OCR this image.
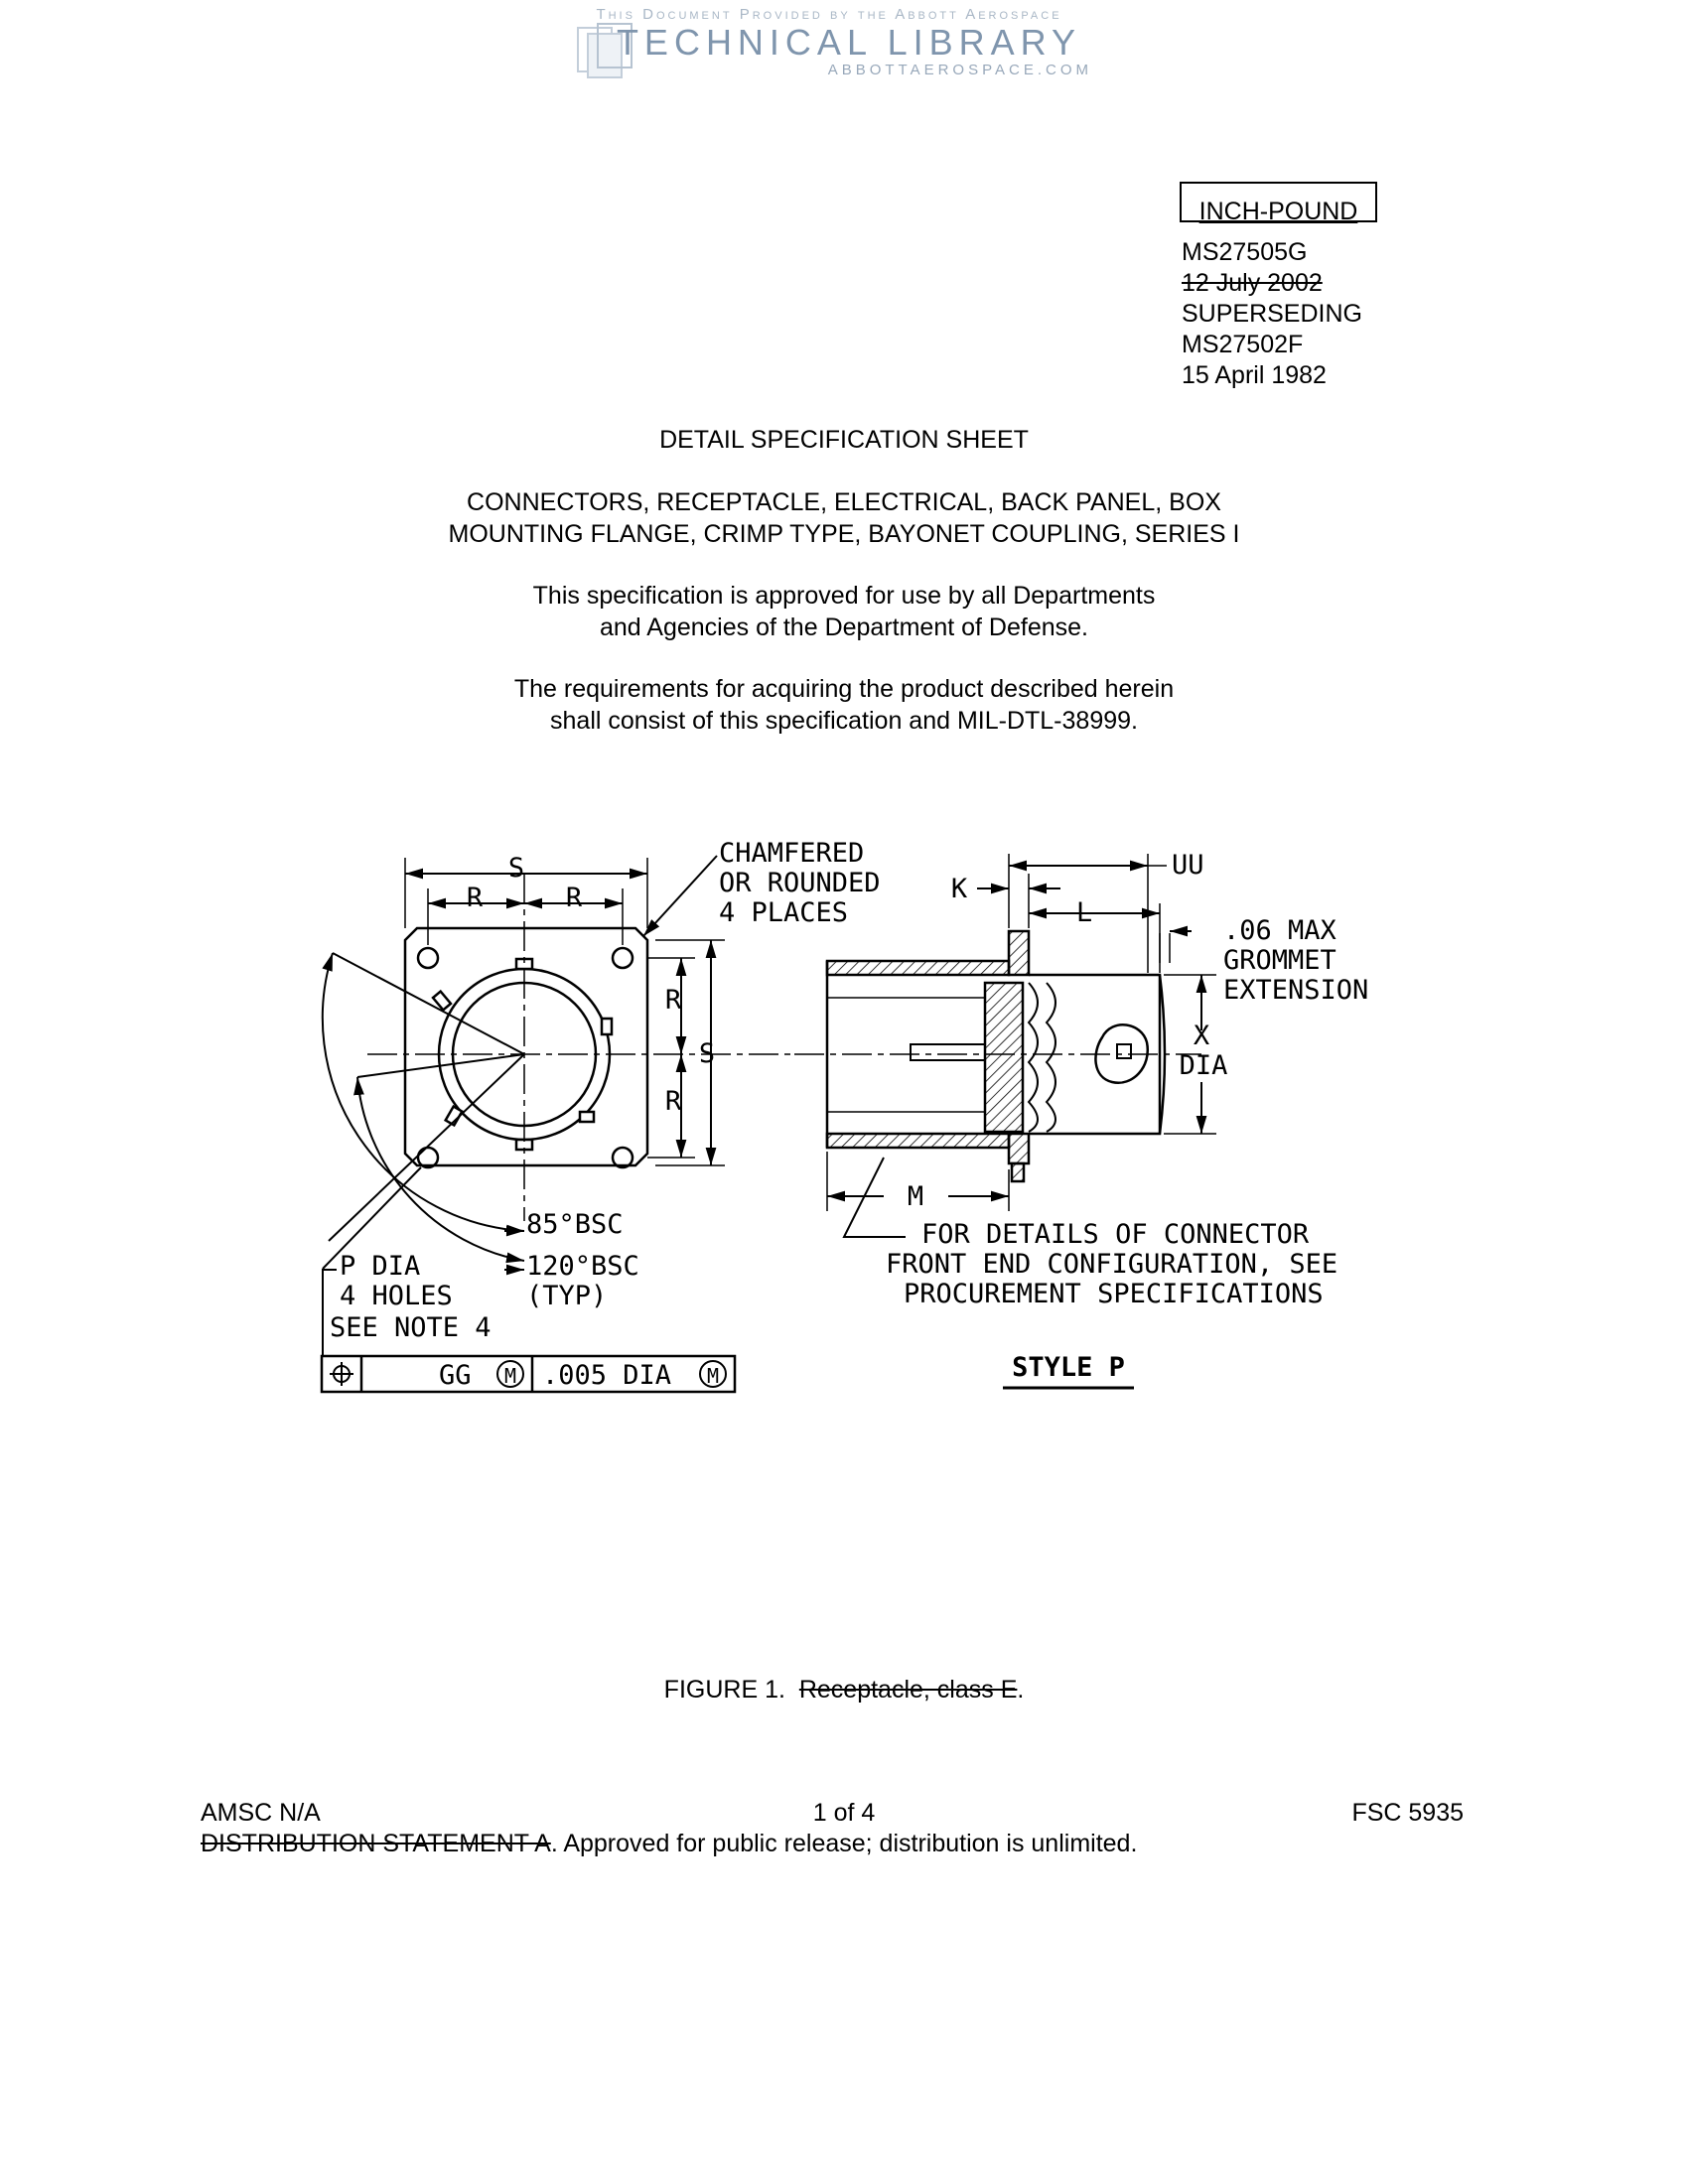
This Document Provided by the Abbott Aerospace
TECHNICAL LIBRARY
ABBOTTAEROSPACE.COM
INCH-POUND
MS27505G
12 July 2002
SUPERSEDING
MS27502F
15 April 1982
DETAIL SPECIFICATION SHEET
CONNECTORS, RECEPTACLE, ELECTRICAL, BACK PANEL, BOX
MOUNTING FLANGE, CRIMP TYPE, BAYONET COUPLING, SERIES I
This specification is approved for use by all Departments
and Agencies of the Department of Defense.
The requirements for acquiring the product described herein
shall consist of this specification and MIL-DTL-38999.
S
R	R
R
R
S
CHAMFERED
OR ROUNDED
4 PLACES
85°BSC
120°BSC
(TYP)
P DIA
4 HOLES
SEE NOTE 4
GG M .005 DIA M
K
L
UU
.06 MAX
GROMMET
EXTENSION
X
DIA
M
FOR DETAILS OF CONNECTOR
FRONT END CONFIGURATION, SEE
PROCUREMENT SPECIFICATIONS
STYLE P
FIGURE 1. Receptacle, class E.
AMSC N/A	1 of 4	FSC 5935
DISTRIBUTION STATEMENT A. Approved for public release; distribution is unlimited.
